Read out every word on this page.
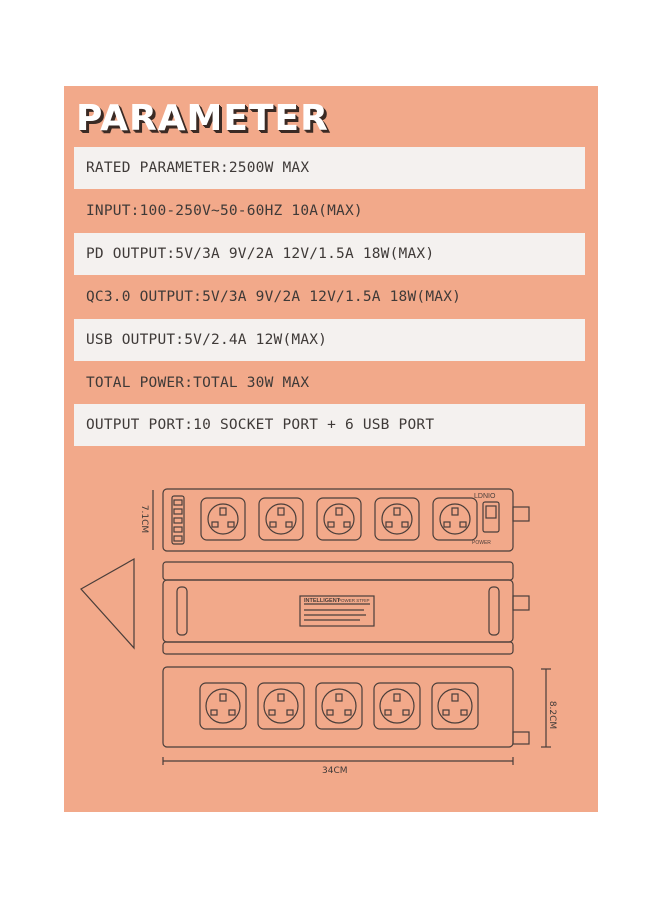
PARAMETER
RATED PARAMETER:2500W MAX
INPUT:100-250V~50-60HZ 10A(MAX)
PD OUTPUT:5V/3A 9V/2A 12V/1.5A 18W(MAX)
QC3.0 OUTPUT:5V/3A 9V/2A 12V/1.5A 18W(MAX)
USB OUTPUT:5V/2.4A 12W(MAX)
TOTAL POWER:TOTAL 30W MAX
OUTPUT PORT:10 SOCKET PORT + 6 USB PORT
LDNIO
POWER
INTELLIGENT
POWER STRIP
7.1CM
8.2CM
34CM
